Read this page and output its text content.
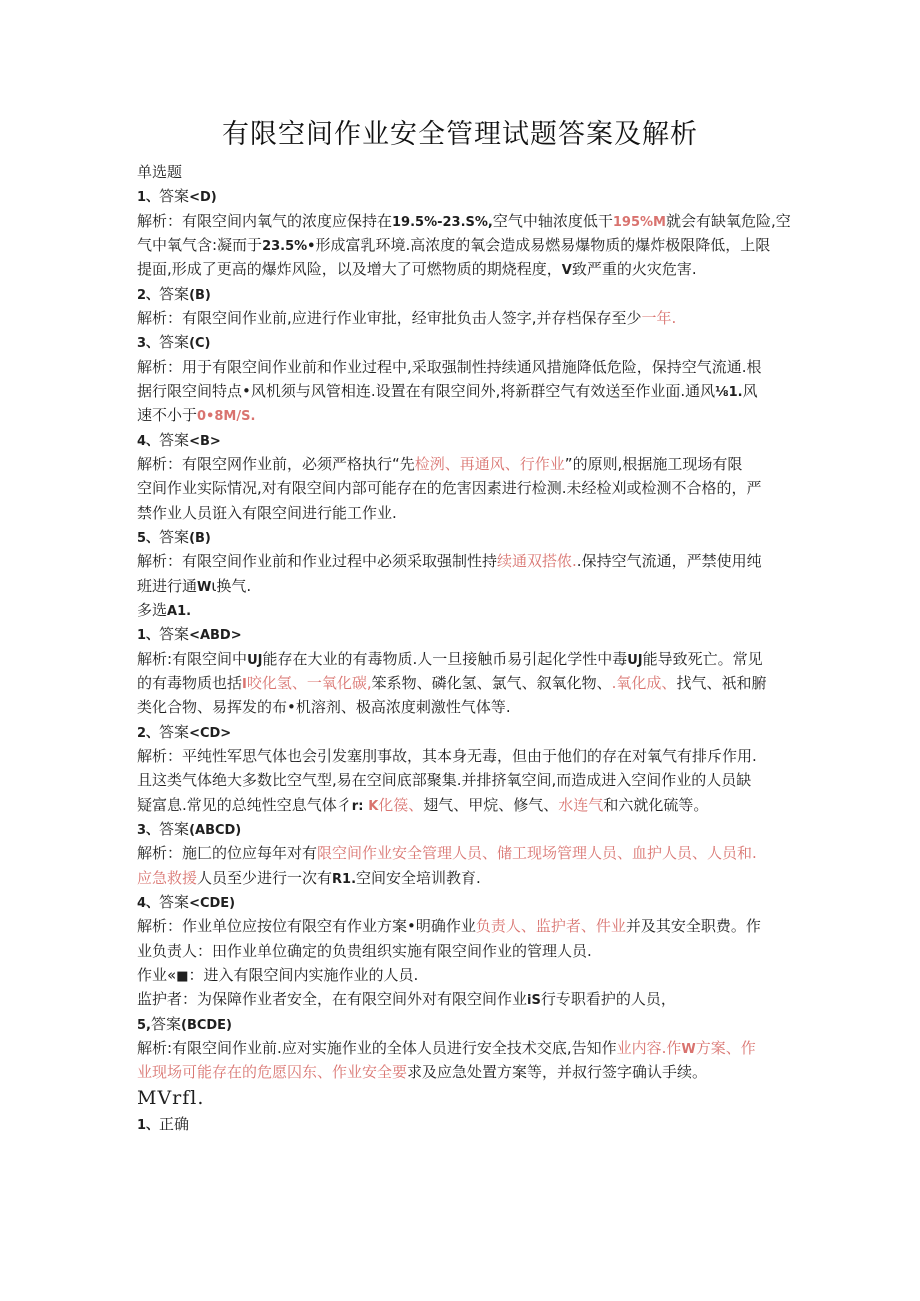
有限空间作业安全管理试题答案及解析
单选题
1、答案<D)
解析：有限空间内氧气的浓度应保持在19.5%-23.S%,空气中轴浓度低干195%M就会有缺氧危险,空
气中氧气含:凝而于23.5%•形成富乳环境.高浓度的氧会造成易燃易爆物质的爆炸极限降低，上限
提面,形成了更高的爆炸风险，以及增大了可燃物质的期烧程度，V致严重的火灾危害.
2、答案(B)
解析：有限空间作业前,应进行作业审批，经审批负击人签字,并存档保存至少一年.
3、答案(C)
解析：用于有限空间作业前和作业过程中,采取强制性持续通风措施降低危险，保持空气流通.根
据行限空间特点•风机须与风管相连.设置在有限空间外,将新群空气有效送至作业面.通风⅛1.风
速不小于0•8M/S.
4、答案<B>
解析：有限空网作业前，必须严格执行“先检洌、再通风、行作业”的原则,根据施工现场有限
空间作业实际情况,对有限空间内部可能存在的危害因素进行检测.未经检刈或检测不合格的，严
禁作业人员诳入有限空间进行能工作业.
5、答案(B)
解析：有限空间作业前和作业过程中必须采取强制性持续通双搭侬..保持空气流通，严禁使用纯
班进行通Wι换气.
多选A1.
1、答案<ABD>
解析:有限空间中UJ能存在大业的有毒物质.人一旦接触币易引起化学性中毒UJ能导致死亡。常见
的有毒物质也括I咬化氢、一氧化碳,笨系物、磷化氢、氯气、叙氧化物、.氧化成、找气、祇和腑
类化合物、易挥发的布•机溶剂、极高浓度刺激性气体等.
2、答案<CD>
解析：平纯性军思气体也会引发塞刖事故，其本身无毒，但由于他们的存在对氧气有排斥作用.
且这类气体绝大多数比空气型,易在空间底部聚集.并排挤氧空间,而造成进入空间作业的人员缺
疑富息.常见的总纯性空息气体彳r: K化篌、翅气、甲烷、修气、水连气和六就化硫等。
3、答案(ABCD)
解析：施匚的位应每年对有限空间作业安全管理人员、储工现场管理人员、血护人员、人员和.
应急救援人员至少进行一次有R1.空间安全培训教育.
4、答案<CDE)
解析：作业单位应按位有限空有作业方案•明确作业负责人、监护者、件业并及其安全职费。作
业负责人：田作业单位确定的负贵组织实施有限空间作业的管理人员.
作业«■：进入有限空间内实施作业的人员.
监护者：为保障作业者安全，在有限空间外对有限空间作业iS行专职看护的人员，
5,答案(BCDE)
解析:有限空间作业前.应对实施作业的全体人员进行安全技术交底,告知作业内容.作W方案、作
业现场可能存在的危愿囚东、作业安全要求及应急处置方案等，并叔行签字确认手续。
MVrfl.
1、正确
